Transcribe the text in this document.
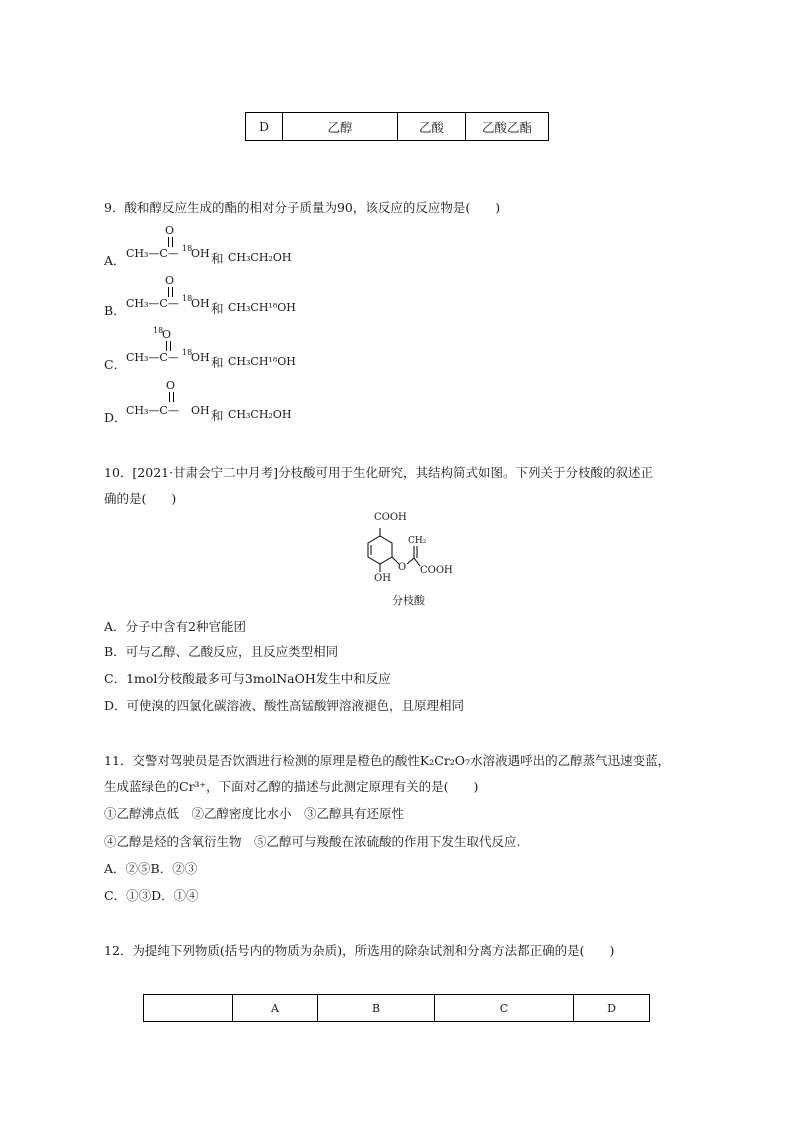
D	乙醇	乙酸	乙酸乙酯
9．酸和醇反应生成的酯的相对分子质量为90，该反应的反应物是(　　)
A． CH₃—C—
O
18
OH 和 CH₃CH₂OH
B． CH₃—C—
O
18
OH 和 CH₃CH¹⁸OH
C． CH₃—C—
18
O
18
OH 和 CH₃CH¹⁸OH
D． CH₃—C—
O
OH 和 CH₃CH₂OH
10．[2021·甘肃会宁二中月考]分枝酸可用于生化研究，其结构简式如图。下列关于分枝酸的叙述正
确的是(　　)
COOH
CH₂
OH
O COOH
分枝酸
A．分子中含有2种官能团
B．可与乙醇、乙酸反应，且反应类型相同
C．1mol分枝酸最多可与3molNaOH发生中和反应
D．可使溴的四氯化碳溶液、酸性高锰酸钾溶液褪色，且原理相同
11．交警对驾驶员是否饮酒进行检测的原理是橙色的酸性K₂Cr₂O₇水溶液遇呼出的乙醇蒸气迅速变蓝，
生成蓝绿色的Cr³⁺，下面对乙醇的描述与此测定原理有关的是(　　)
①乙醇沸点低　②乙醇密度比水小　③乙醇具有还原性
④乙醇是烃的含氧衍生物　⑤乙醇可与羧酸在浓硫酸的作用下发生取代反应.
A．②⑤B．②③
C．①③D．①④
12．为提纯下列物质(括号内的物质为杂质)，所选用的除杂试剂和分离方法都正确的是(　　)
	A	B	C	D
